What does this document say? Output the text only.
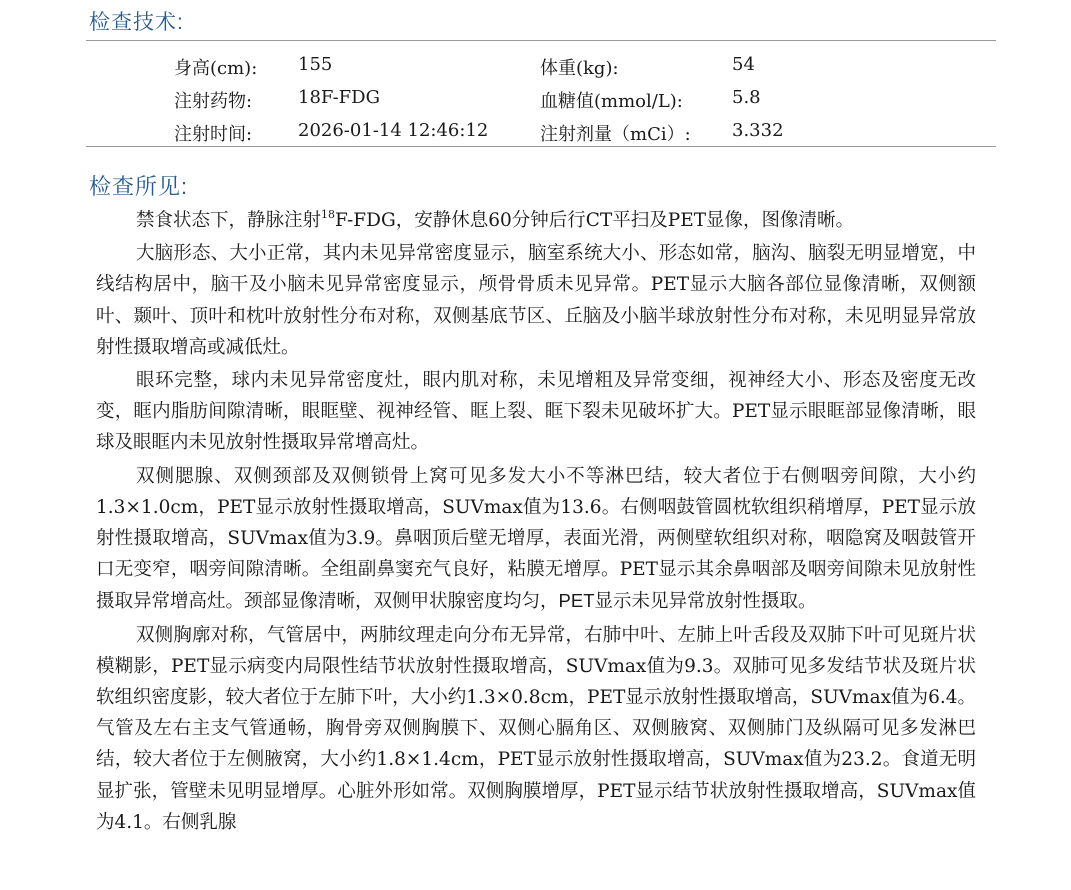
检查技术:
身高(cm): 155	体重(kg):	54
注射药物:	18F-FDG	血糖值(mmol/L):	5.8
注射时间:	2026-01-14 12:46:12	注射剂量（mCi）: 3.332
检查所见:

禁食状态下，静脉注射$^{18}$F-FDG，安静休息60分钟后行CT平扫及PET显像，图像清晰。

大脑形态、大小正常，其内未见异常密度显示，脑室系统大小、形态如常，脑沟、脑裂无明显增宽，中线结构居中，脑干及小脑未见异常密度显示，颅骨骨质未见异常。PET显示大脑各部位显像清晰，双侧额叶、颞叶、顶叶和枕叶放射性分布对称，双侧基底节区、丘脑及小脑半球放射性分布对称，未见明显异常放射性摄取增高或减低灶。

眼环完整，球内未见异常密度灶，眼内肌对称，未见增粗及异常变细，视神经大小、形态及密度无改变，眶内脂肪间隙清晰，眼眶壁、视神经管、眶上裂、眶下裂未见破坏扩大。PET显示眼眶部显像清晰，眼球及眼眶内未见放射性摄取异常增高灶。

双侧腮腺、双侧颈部及双侧锁骨上窝可见多发大小不等淋巴结，较大者位于右侧咽旁间隙，大小约1.3×1.0cm，PET显示放射性摄取增高，SUVmax值为13.6。右侧咽鼓管圆枕软组织稍增厚，PET显示放射性摄取增高，SUVmax值为3.9。鼻咽顶后壁无增厚，表面光滑，两侧壁软组织对称，咽隐窝及咽鼓管开口无变窄，咽旁间隙清晰。全组副鼻窦充气良好，粘膜无增厚。PET显示其余鼻咽部及咽旁间隙未见放射性摄取异常增高灶。颈部显像清晰，双侧甲状腺密度均匀，PET显示未见异常放射性摄取。

双侧胸廓对称，气管居中，两肺纹理走向分布无异常，右肺中叶、左肺上叶舌段及双肺下叶可见斑片状模糊影，PET显示病变内局限性结节状放射性摄取增高，SUVmax值为9.3。双肺可见多发结节状及斑片状软组织密度影，较大者位于左肺下叶，大小约1.3×0.8cm，PET显示放射性摄取增高，SUVmax值为6.4。气管及左右主支气管通畅，胸骨旁双侧胸膜下、双侧心膈角区、双侧腋窝、双侧肺门及纵隔可见多发淋巴结，较大者位于左侧腋窝，大小约1.8×1.4cm，PET显示放射性摄取增高，SUVmax值为23.2。食道无明显扩张，管壁未见明显增厚。心脏外形如常。双侧胸膜增厚，PET显示结节状放射性摄取增高，SUVmax值为4.1。右侧乳腺
